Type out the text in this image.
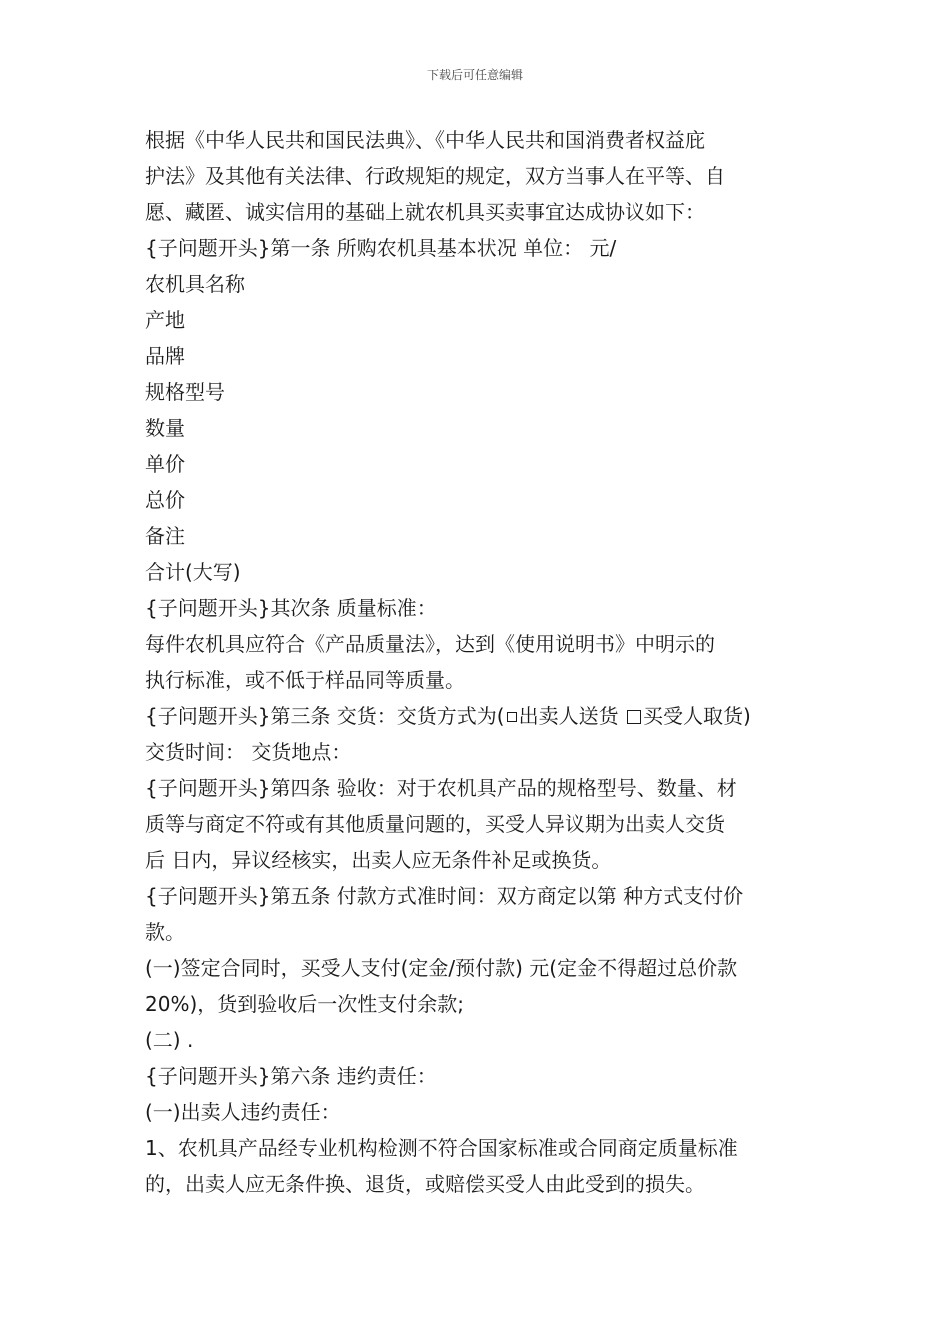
下载后可任意编辑
根据《中华人民共和国民法典》、《中华人民共和国消费者权益庇
护法》及其他有关法律、行政规矩的规定，双方当事人在平等、自
愿、藏匿、诚实信用的基础上就农机具买卖事宜达成协议如下：
{子问题开头}第一条 所购农机具基本状况 单位： 元/
农机具名称
产地
品牌
规格型号
数量
单价
总价
备注
合计(大写)
{子问题开头}其次条 质量标准：
每件农机具应符合《产品质量法》，达到《使用说明书》中明示的
执行标准，或不低于样品同等质量。
{子问题开头}第三条 交货：交货方式为( 出卖人送货 买受人取货)
交货时间： 交货地点：
{子问题开头}第四条 验收：对于农机具产品的规格型号、数量、材
质等与商定不符或有其他质量问题的，买受人异议期为出卖人交货
后 日内，异议经核实，出卖人应无条件补足或换货。
{子问题开头}第五条 付款方式准时间：双方商定以第 种方式支付价
款。
(一)签定合同时，买受人支付(定金/预付款) 元(定金不得超过总价款
20%)，货到验收后一次性支付余款;
(二) .
{子问题开头}第六条 违约责任：
(一)出卖人违约责任：
1、农机具产品经专业机构检测不符合国家标准或合同商定质量标准
的，出卖人应无条件换、退货，或赔偿买受人由此受到的损失。
